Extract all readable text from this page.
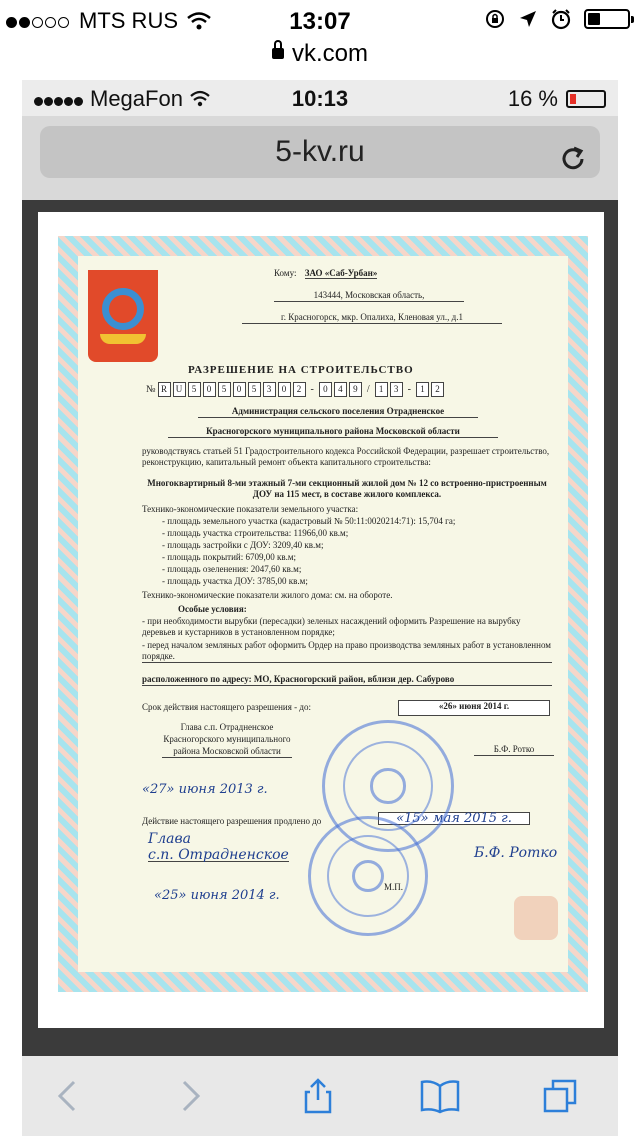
MTS RUS	13:07
vk.com
MegaFon	10:13	16 %
5-kv.ru
Кому: ЗАО «Саб-Урбан»
143444, Московская область,
г. Красногорск, мкр. Опалиха, Кленовая ул., д.1
РАЗРЕШЕНИЕ НА СТРОИТЕЛЬСТВО
№ R U	5	0	5	0	5	3	0	2 -	0	4	9 /	1	3 -	1	2
Администрация сельского поселения Отрадненское
Красногорского муниципального района Московской области
руководствуясь статьей 51 Градостроительного кодекса Российской Федерации, разрешает строительство, реконструкцию, капитальный ремонт объекта капитального строительства:
Многоквартирный 8-ми этажный 7-ми секционный жилой дом № 12 со встроенно-пристроенным ДОУ на 115 мест, в составе жилого комплекса.
Технико-экономические показатели земельного участка:
- площадь земельного участка (кадастровый № 50:11:0020214:71): 15,704 га;
- площадь участка строительства: 11966,00 кв.м;
- площадь застройки с ДОУ: 3209,40 кв.м;
- площадь покрытий: 6709,00 кв.м;
- площадь озеленения: 2047,60 кв.м;
- площадь участка ДОУ: 3785,00 кв.м;
Технико-экономические показатели жилого дома: см. на обороте.
Особые условия:
- при необходимости вырубки (пересадки) зеленых насаждений оформить Разрешение на вырубку деревьев и кустарников в установленном порядке;
- перед началом земляных работ оформить Ордер на право производства земляных работ в установленном порядке.
расположенного по адресу: МО, Красногорский район, вблизи дер. Сабурово
Срок действия настоящего разрешения - до:	«26» июня 2014 г.
Глава с.п. Отрадненское
Красногорского муниципального
района Московской области	Б.Ф. Ротко
«27» июня 2013 г.
Действие настоящего разрешения продлено до	«15» мая 2015 г.
Глава
с.п. Отрадненское	Б.Ф. Ротко
М.П.
«25» июня 2014 г.
